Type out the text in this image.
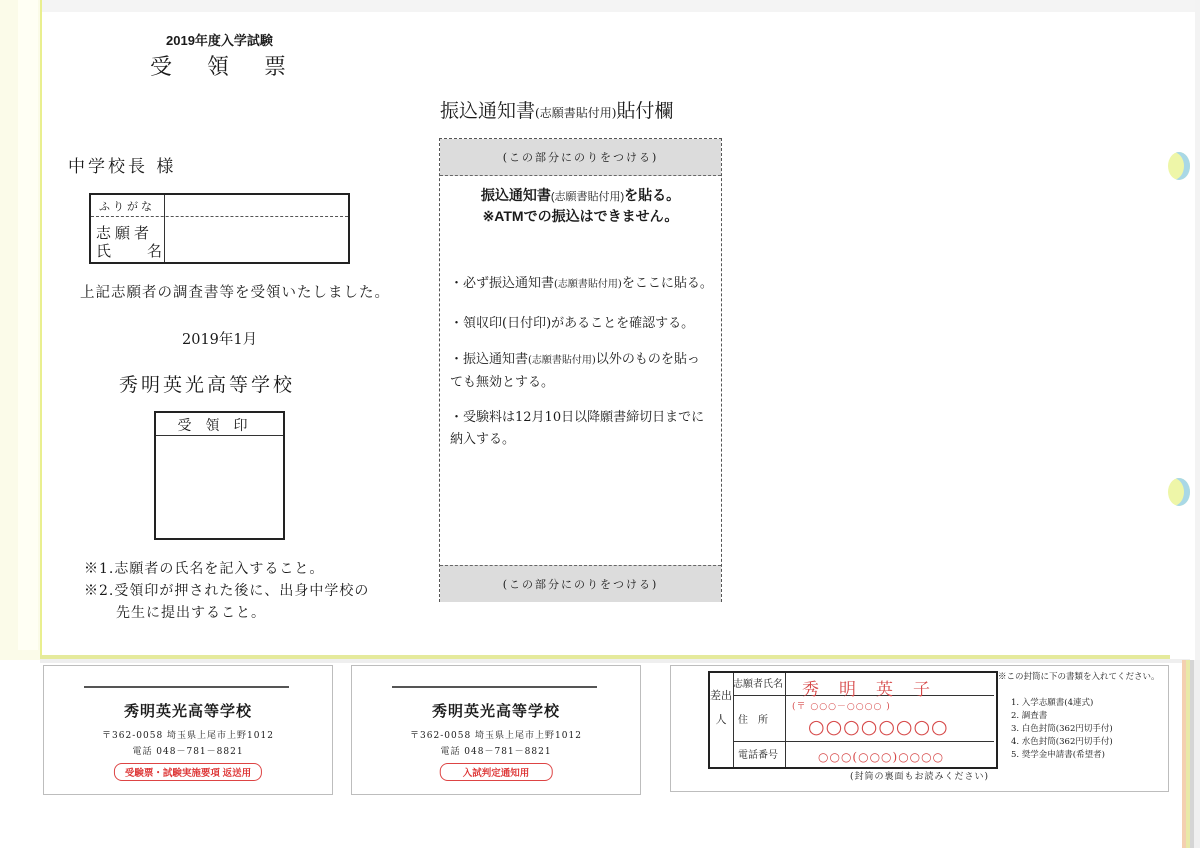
2019年度入学試験
受 領 票
中学校長 様
ふりがな
志願者
氏名
上記志願者の調査書等を受領いたしました。
2019年1月
秀明英光高等学校
受領印
※1.志願者の氏名を記入すること。
※2.受領印が押された後に、出身中学校の
先生に提出すること。
振込通知書(志願書貼付用)貼付欄
(この部分にのりをつける)
振込通知書(志願書貼付用)を貼る。
※ATMでの振込はできません。
・必ず振込通知書(志願書貼付用)をここに貼る。
・領収印(日付印)があることを確認する。
・振込通知書(志願書貼付用)以外のものを貼っても無効とする。
・受験料は12月10日以降願書締切日までに納入する。
(この部分にのりをつける)
秀明英光高等学校
〒362-0058 埼玉県上尾市上野1012
電話 048－781－8821
受験票・試験実施要項 返送用
秀明英光高等学校
〒362-0058 埼玉県上尾市上野1012
電話 048－781－8821
入試判定通知用
秀明英子
(〒 ○○○－○○○○ )
○○○○○○○○
○○○(○○○)○○○○
差出人
志願者氏名
住所
電話番号
※この封筒に下の書類を入れてください。
1. 入学志願書(4連式)
2. 調査書
3. 白色封筒(362円切手付)
4. 水色封筒(362円切手付)
5. 奨学金申請書(希望者)
(封筒の裏面もお読みください)
